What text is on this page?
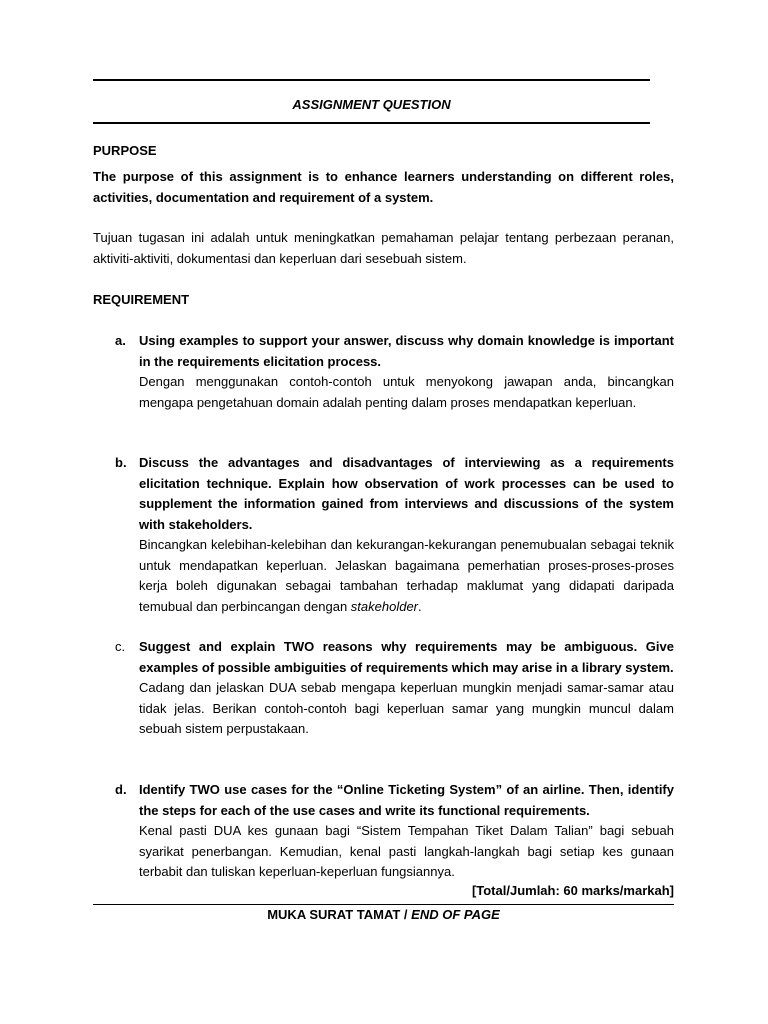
ASSIGNMENT QUESTION
PURPOSE
The purpose of this assignment is to enhance learners understanding on different roles, activities, documentation and requirement of a system.
Tujuan tugasan ini adalah untuk meningkatkan pemahaman pelajar tentang perbezaan peranan, aktiviti-aktiviti, dokumentasi dan keperluan dari sesebuah sistem.
REQUIREMENT
a. Using examples to support your answer, discuss why domain knowledge is important in the requirements elicitation process.
Dengan menggunakan contoh-contoh untuk menyokong jawapan anda, bincangkan mengapa pengetahuan domain adalah penting dalam proses mendapatkan keperluan.
b. Discuss the advantages and disadvantages of interviewing as a requirements elicitation technique. Explain how observation of work processes can be used to supplement the information gained from interviews and discussions of the system with stakeholders.
Bincangkan kelebihan-kelebihan dan kekurangan-kekurangan penemubualan sebagai teknik untuk mendapatkan keperluan. Jelaskan bagaimana pemerhatian proses-proses-proses kerja boleh digunakan sebagai tambahan terhadap maklumat yang didapati daripada temubual dan perbincangan dengan stakeholder.
c. Suggest and explain TWO reasons why requirements may be ambiguous. Give examples of possible ambiguities of requirements which may arise in a library system.
Cadang dan jelaskan DUA sebab mengapa keperluan mungkin menjadi samar-samar atau tidak jelas. Berikan contoh-contoh bagi keperluan samar yang mungkin muncul dalam sebuah sistem perpustakaan.
d. Identify TWO use cases for the “Online Ticketing System” of an airline. Then, identify the steps for each of the use cases and write its functional requirements.
Kenal pasti DUA kes gunaan bagi “Sistem Tempahan Tiket Dalam Talian” bagi sebuah syarikat penerbangan. Kemudian, kenal pasti langkah-langkah bagi setiap kes gunaan terbabit dan tuliskan keperluan-keperluan fungsiannya.
[Total/Jumlah: 60 marks/markah]
MUKA SURAT TAMAT / END OF PAGE
